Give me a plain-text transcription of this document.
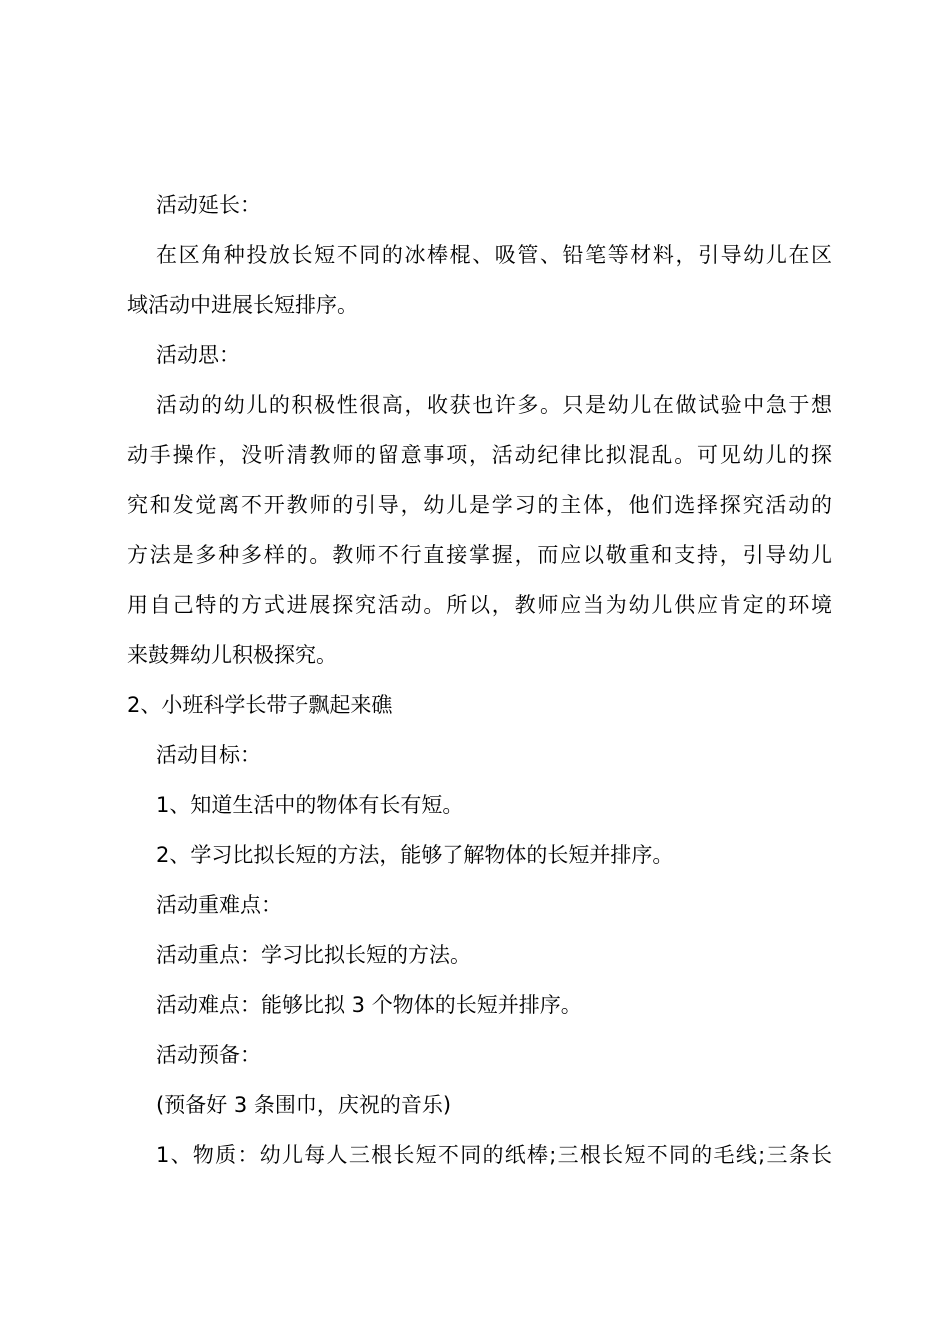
活动延长：
在区角种投放长短不同的冰棒棍、吸管、铅笔等材料，引导幼儿在区
域活动中进展长短排序。
活动思：
活动的幼儿的积极性很高，收获也许多。只是幼儿在做试验中急于想
动手操作，没听清教师的留意事项，活动纪律比拟混乱。可见幼儿的探
究和发觉离不开教师的引导，幼儿是学习的主体，他们选择探究活动的
方法是多种多样的。教师不行直接掌握，而应以敬重和支持，引导幼儿
用自己特的方式进展探究活动。所以，教师应当为幼儿供应肯定的环境
来鼓舞幼儿积极探究。
2、小班科学长带子飘起来礁
活动目标：
1、知道生活中的物体有长有短。
2、学习比拟长短的方法，能够了解物体的长短并排序。
活动重难点：
活动重点：学习比拟长短的方法。
活动难点：能够比拟 3 个物体的长短并排序。
活动预备：
(预备好 3 条围巾，庆祝的音乐)
1、物质：幼儿每人三根长短不同的纸棒;三根长短不同的毛线;三条长
